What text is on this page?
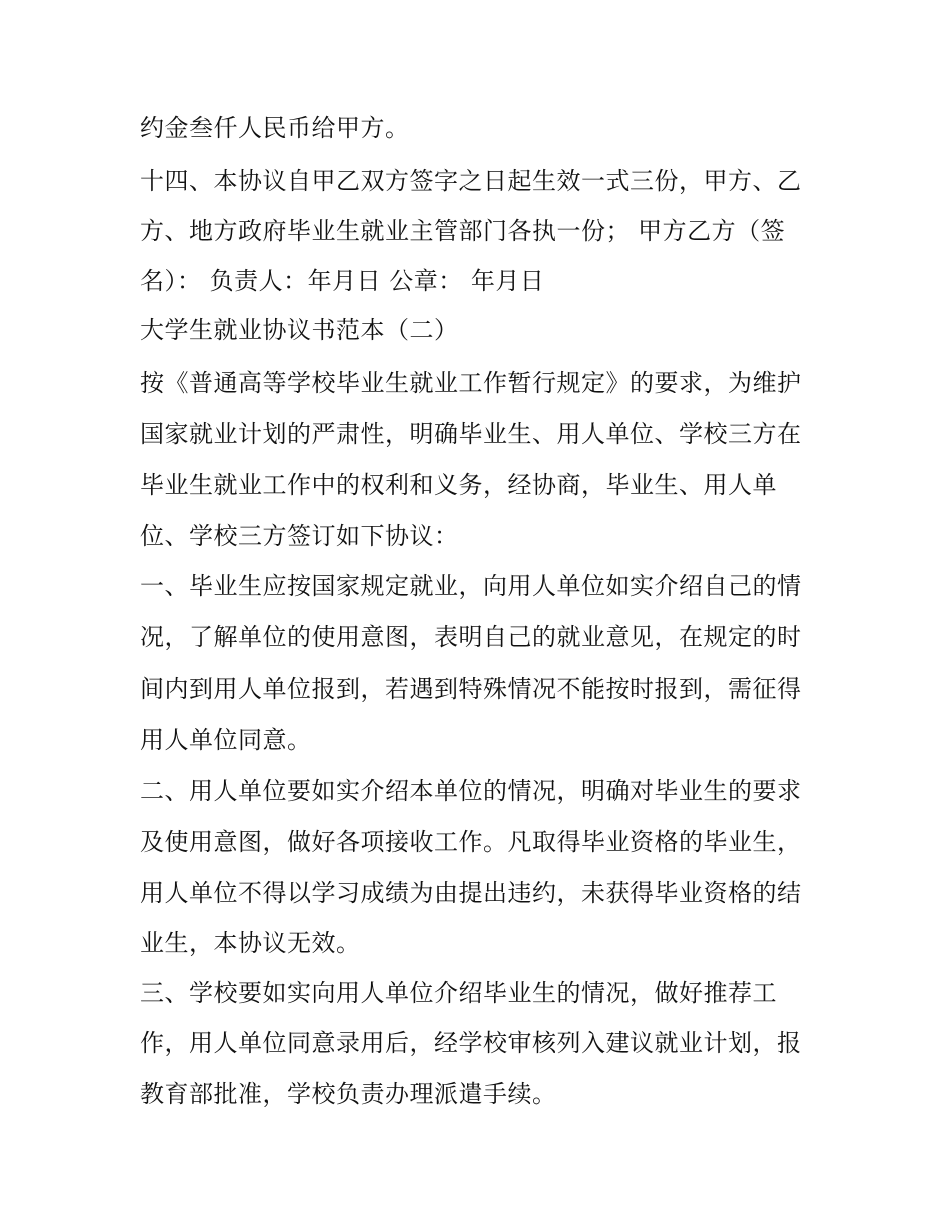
约金叁仟人民币给甲方。
十四、本协议自甲乙双方签字之日起生效一式三份，甲方、乙
方、地方政府毕业生就业主管部门各执一份； 甲方乙方（签
名）： 负责人：年月日 公章： 年月日
大学生就业协议书范本（二）
按《普通高等学校毕业生就业工作暂行规定》的要求，为维护
国家就业计划的严肃性，明确毕业生、用人单位、学校三方在
毕业生就业工作中的权利和义务，经协商，毕业生、用人单
位、学校三方签订如下协议：
一、毕业生应按国家规定就业，向用人单位如实介绍自己的情
况，了解单位的使用意图，表明自己的就业意见，在规定的时
间内到用人单位报到，若遇到特殊情况不能按时报到，需征得
用人单位同意。
二、用人单位要如实介绍本单位的情况，明确对毕业生的要求
及使用意图，做好各项接收工作。凡取得毕业资格的毕业生，
用人单位不得以学习成绩为由提出违约，未获得毕业资格的结
业生，本协议无效。
三、学校要如实向用人单位介绍毕业生的情况，做好推荐工
作，用人单位同意录用后，经学校审核列入建议就业计划，报
教育部批准，学校负责办理派遣手续。
